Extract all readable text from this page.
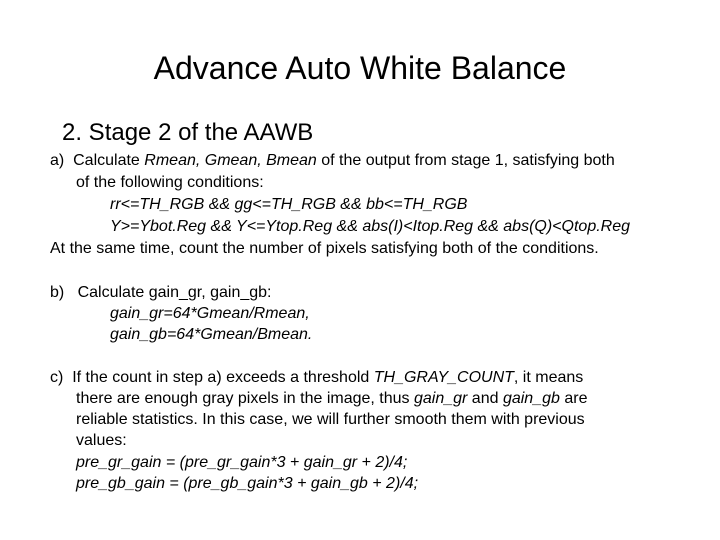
Advance Auto White Balance
2. Stage 2 of the AAWB
a) Calculate Rmean, Gmean, Bmean of the output from stage 1, satisfying both
of the following conditions:
rr<=TH_RGB && gg<=TH_RGB && bb<=TH_RGB
Y>=Ybot.Reg && Y<=Ytop.Reg && abs(I)<Itop.Reg && abs(Q)<Qtop.Reg
At the same time, count the number of pixels satisfying both of the conditions.
b) Calculate gain_gr, gain_gb:
gain_gr=64*Gmean/Rmean,
gain_gb=64*Gmean/Bmean.
c) If the count in step a) exceeds a threshold TH_GRAY_COUNT, it means
there are enough gray pixels in the image, thus gain_gr and gain_gb are
reliable statistics. In this case, we will further smooth them with previous
values:
pre_gr_gain = (pre_gr_gain*3 + gain_gr + 2)/4;
pre_gb_gain = (pre_gb_gain*3 + gain_gb + 2)/4;
